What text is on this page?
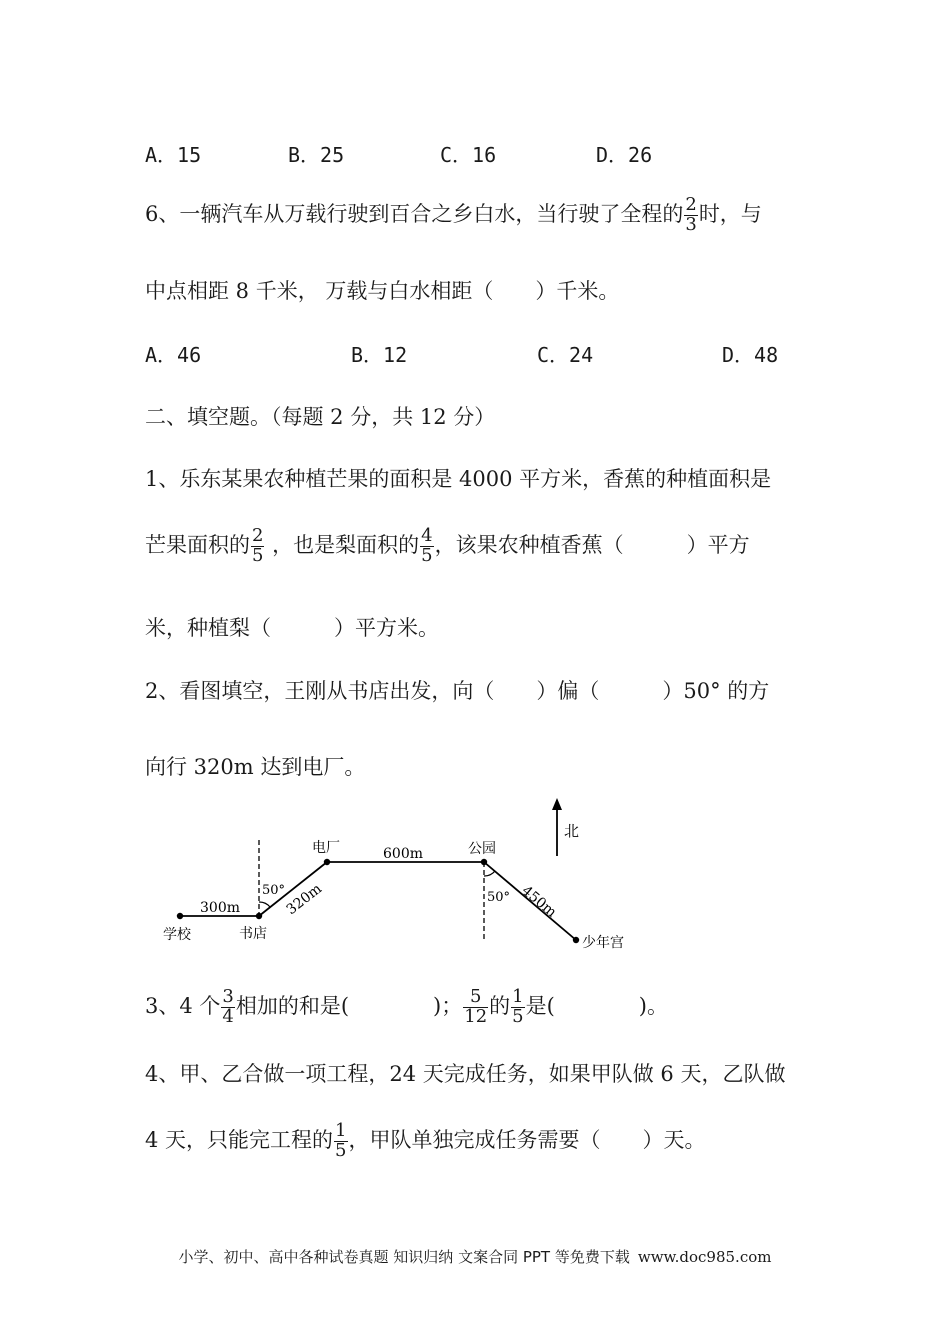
A．15	B．25	C．16	D．26
6、一辆汽车从万载行驶到百合之乡白水，当行驶了全程的 $\frac{2}{3}$ 时，与
中点相距 8 千米， 万载与白水相距（　　）千米。
A．46	B．12	C．24	D．48
二、填空题。（每题 2 分，共 12 分）
1、乐东某果农种植芒果的面积是 4000 平方米，香蕉的种植面积是
芒果面积的 $\frac{2}{5}$ ，也是梨面积的 $\frac{4}{5}$ ，该果农种植香蕉（　　　）平方
米，种植梨（　　　）平方米。
2、看图填空，王刚从书店出发，向（　　）偏（　　　）50° 的方
向行 320m 达到电厂。
北
学校	书店
电厂	公园
少年宫
300m	320m
600m
450m
50°	50°
3、4 个 $\frac{3}{4}$ 相加的和是(　　　　)； $\frac{5}{12}$ 的 $\frac{1}{5}$ 是(　　　　)。
4、甲、乙合做一项工程，24 天完成任务，如果甲队做 6 天，乙队做
4 天，只能完工程的 $\frac{1}{5}$ ，甲队单独完成任务需要（　　）天。
小学、初中、高中各种试卷真题 知识归纳 文案合同 PPT 等免费下载 www.doc985.com
